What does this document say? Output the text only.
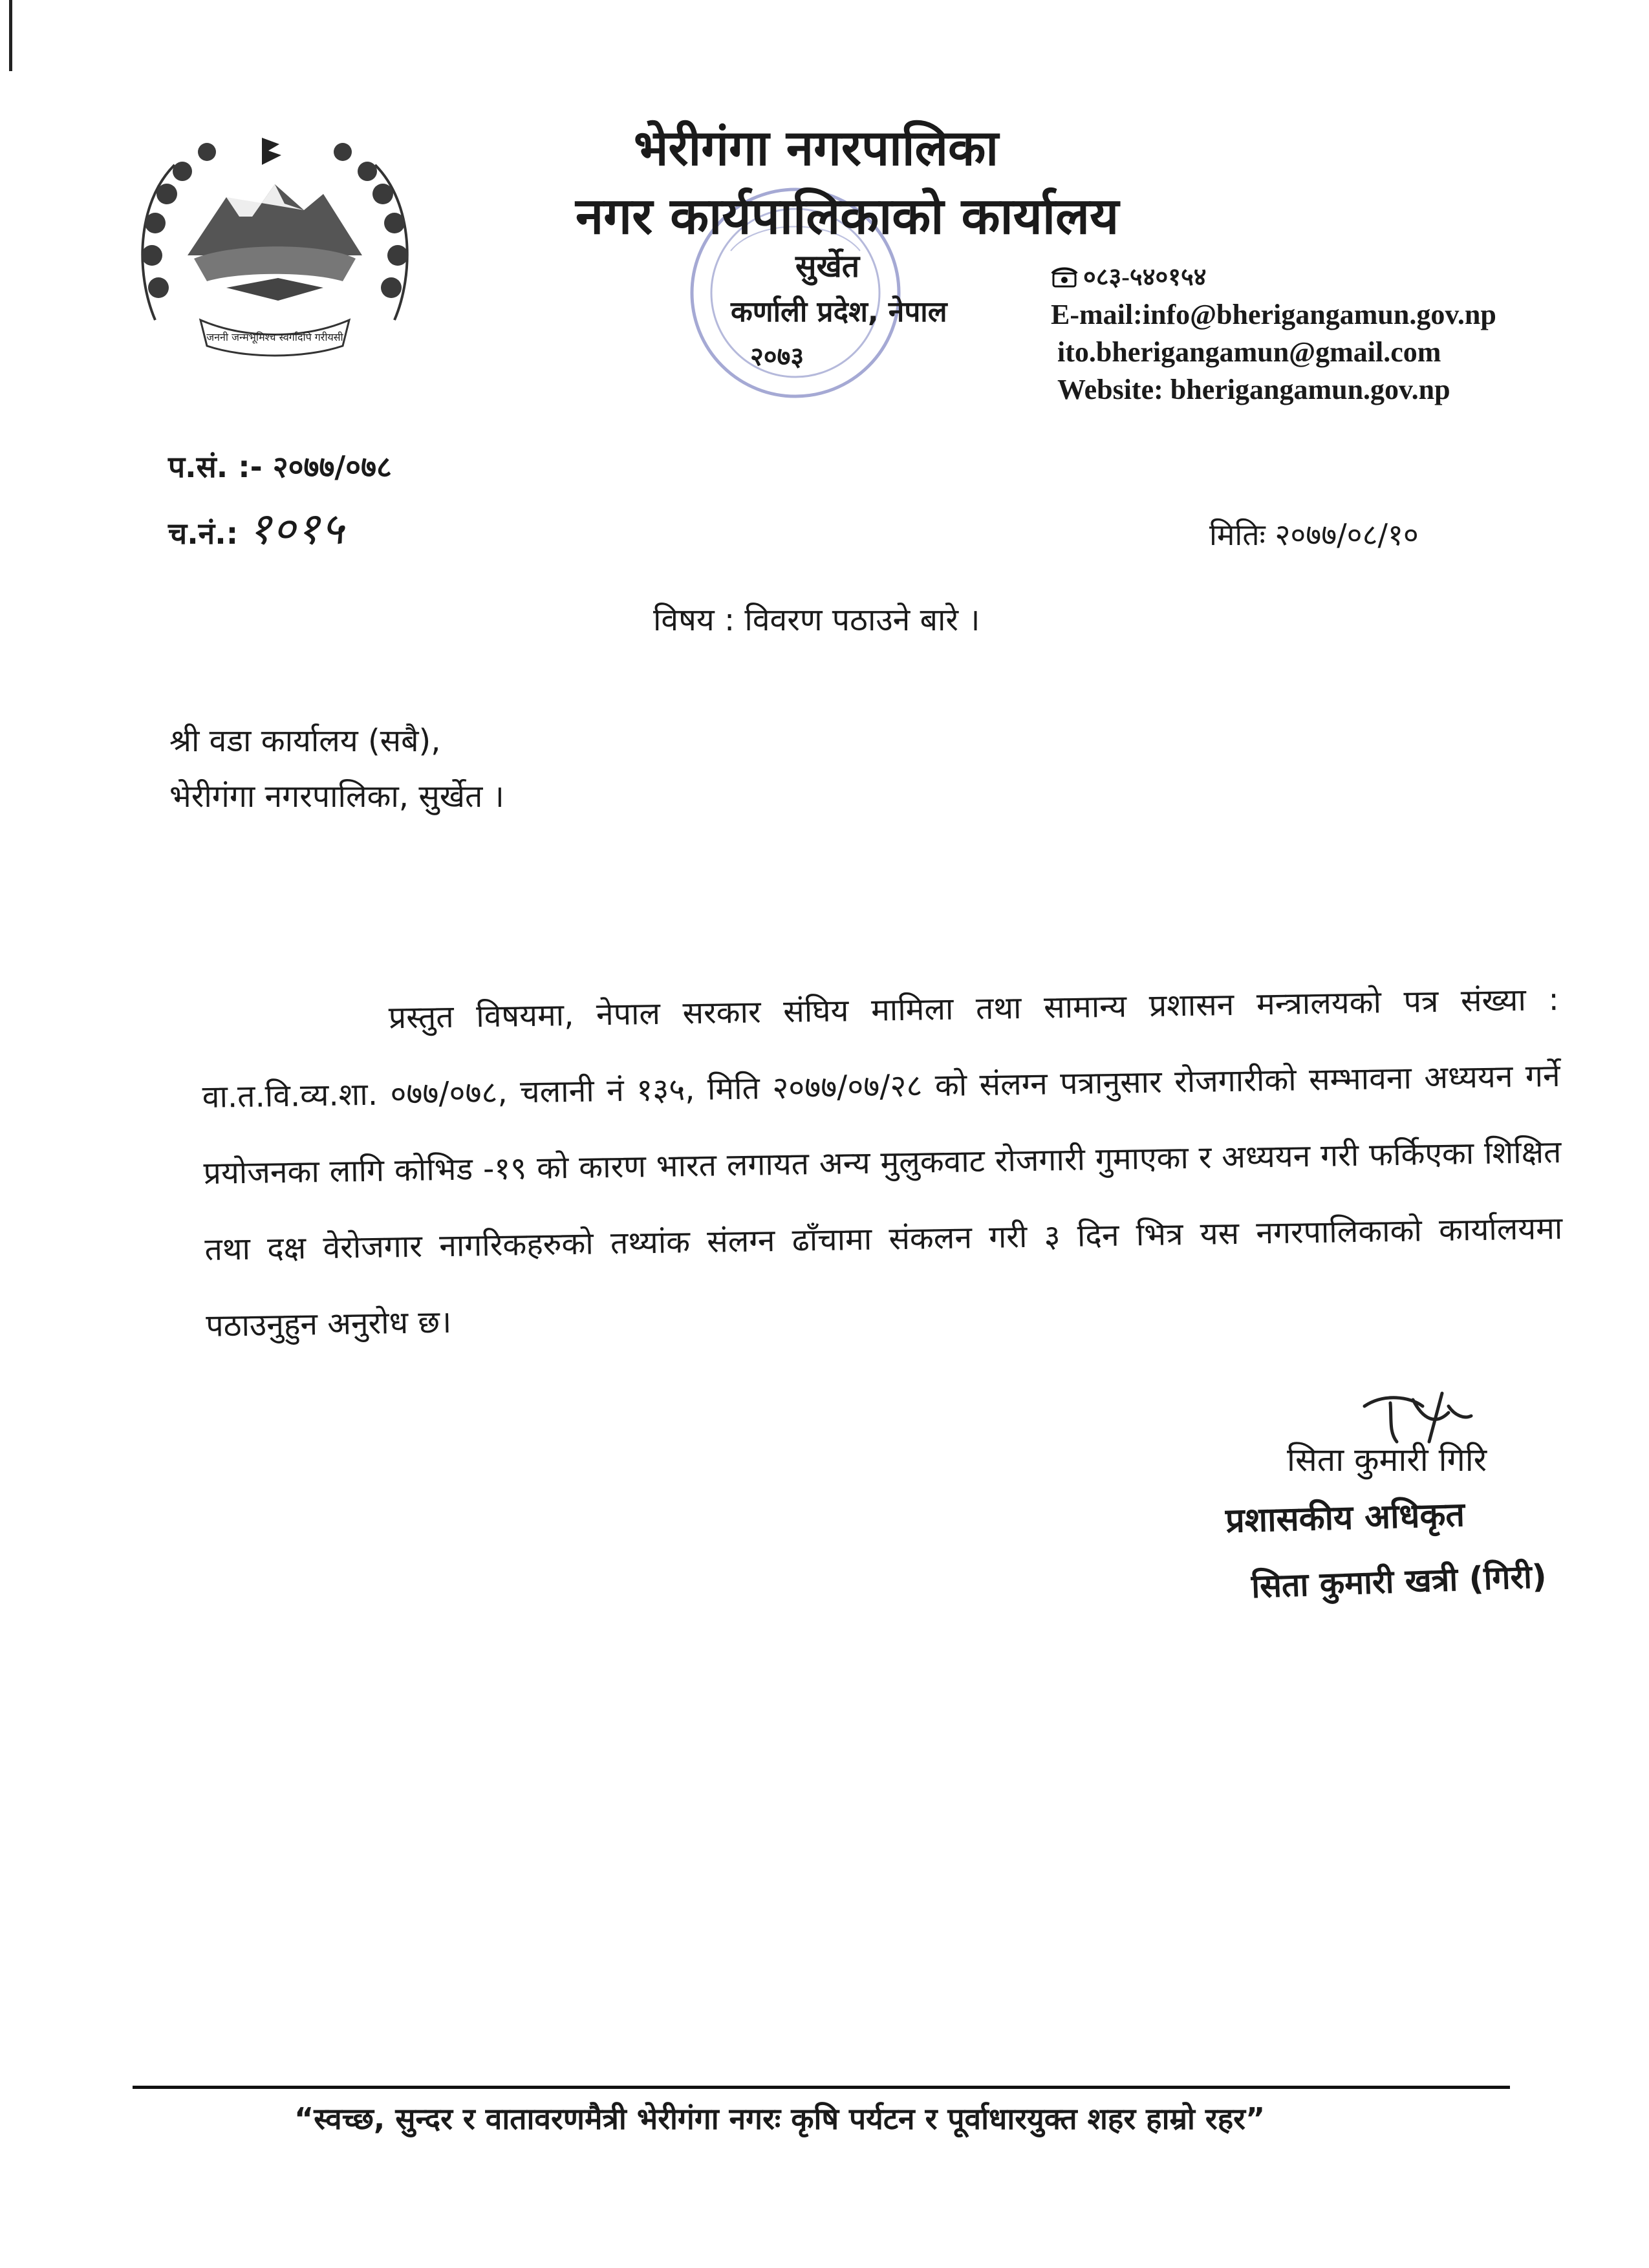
जननी जन्मभूमिश्च स्वर्गादपि गरीयसी
भेरीगंगा नगरपालिका
नगर कार्यपालिकाको कार्यालय
सुर्खेत
कर्णाली प्रदेश, नेपाल
२०७३
०८३-५४०१५४
E-mail:info@bherigangamun.gov.np
ito.bherigangamun@gmail.com
Website: bherigangamun.gov.np
प.सं. :- २०७७/०७८
च.नं.: १०१५	मितिः २०७७/०८/१०
विषय : विवरण पठाउने बारे ।
श्री वडा कार्यालय (सबै),
भेरीगंगा नगरपालिका, सुर्खेत ।
प्रस्तुत विषयमा, नेपाल सरकार संघिय मामिला तथा सामान्य प्रशासन मन्त्रालयको पत्र संख्या : वा.त.वि.व्य.शा. ०७७/०७८, चलानी नं १३५, मिति २०७७/०७/२८ को संलग्न पत्रानुसार रोजगारीको सम्भावना अध्ययन गर्ने प्रयोजनका लागि कोभिड -१९ को कारण भारत लगायत अन्य मुलुकवाट रोजगारी गुमाएका र अध्ययन गरी फर्किएका शिक्षित तथा दक्ष वेरोजगार नागरिकहरुको तथ्यांक संलग्न ढाँचामा संकलन गरी ३ दिन भित्र यस नगरपालिकाको कार्यालयमा पठाउनुहुन अनुरोध छ।
सिता कुमारी गिरि
प्रशासकीय अधिकृत
सिता कुमारी खत्री (गिरी)
“स्वच्छ, सुन्दर र वातावरणमैत्री भेरीगंगा नगरः कृषि पर्यटन र पूर्वाधारयुक्त शहर हाम्रो रहर”
